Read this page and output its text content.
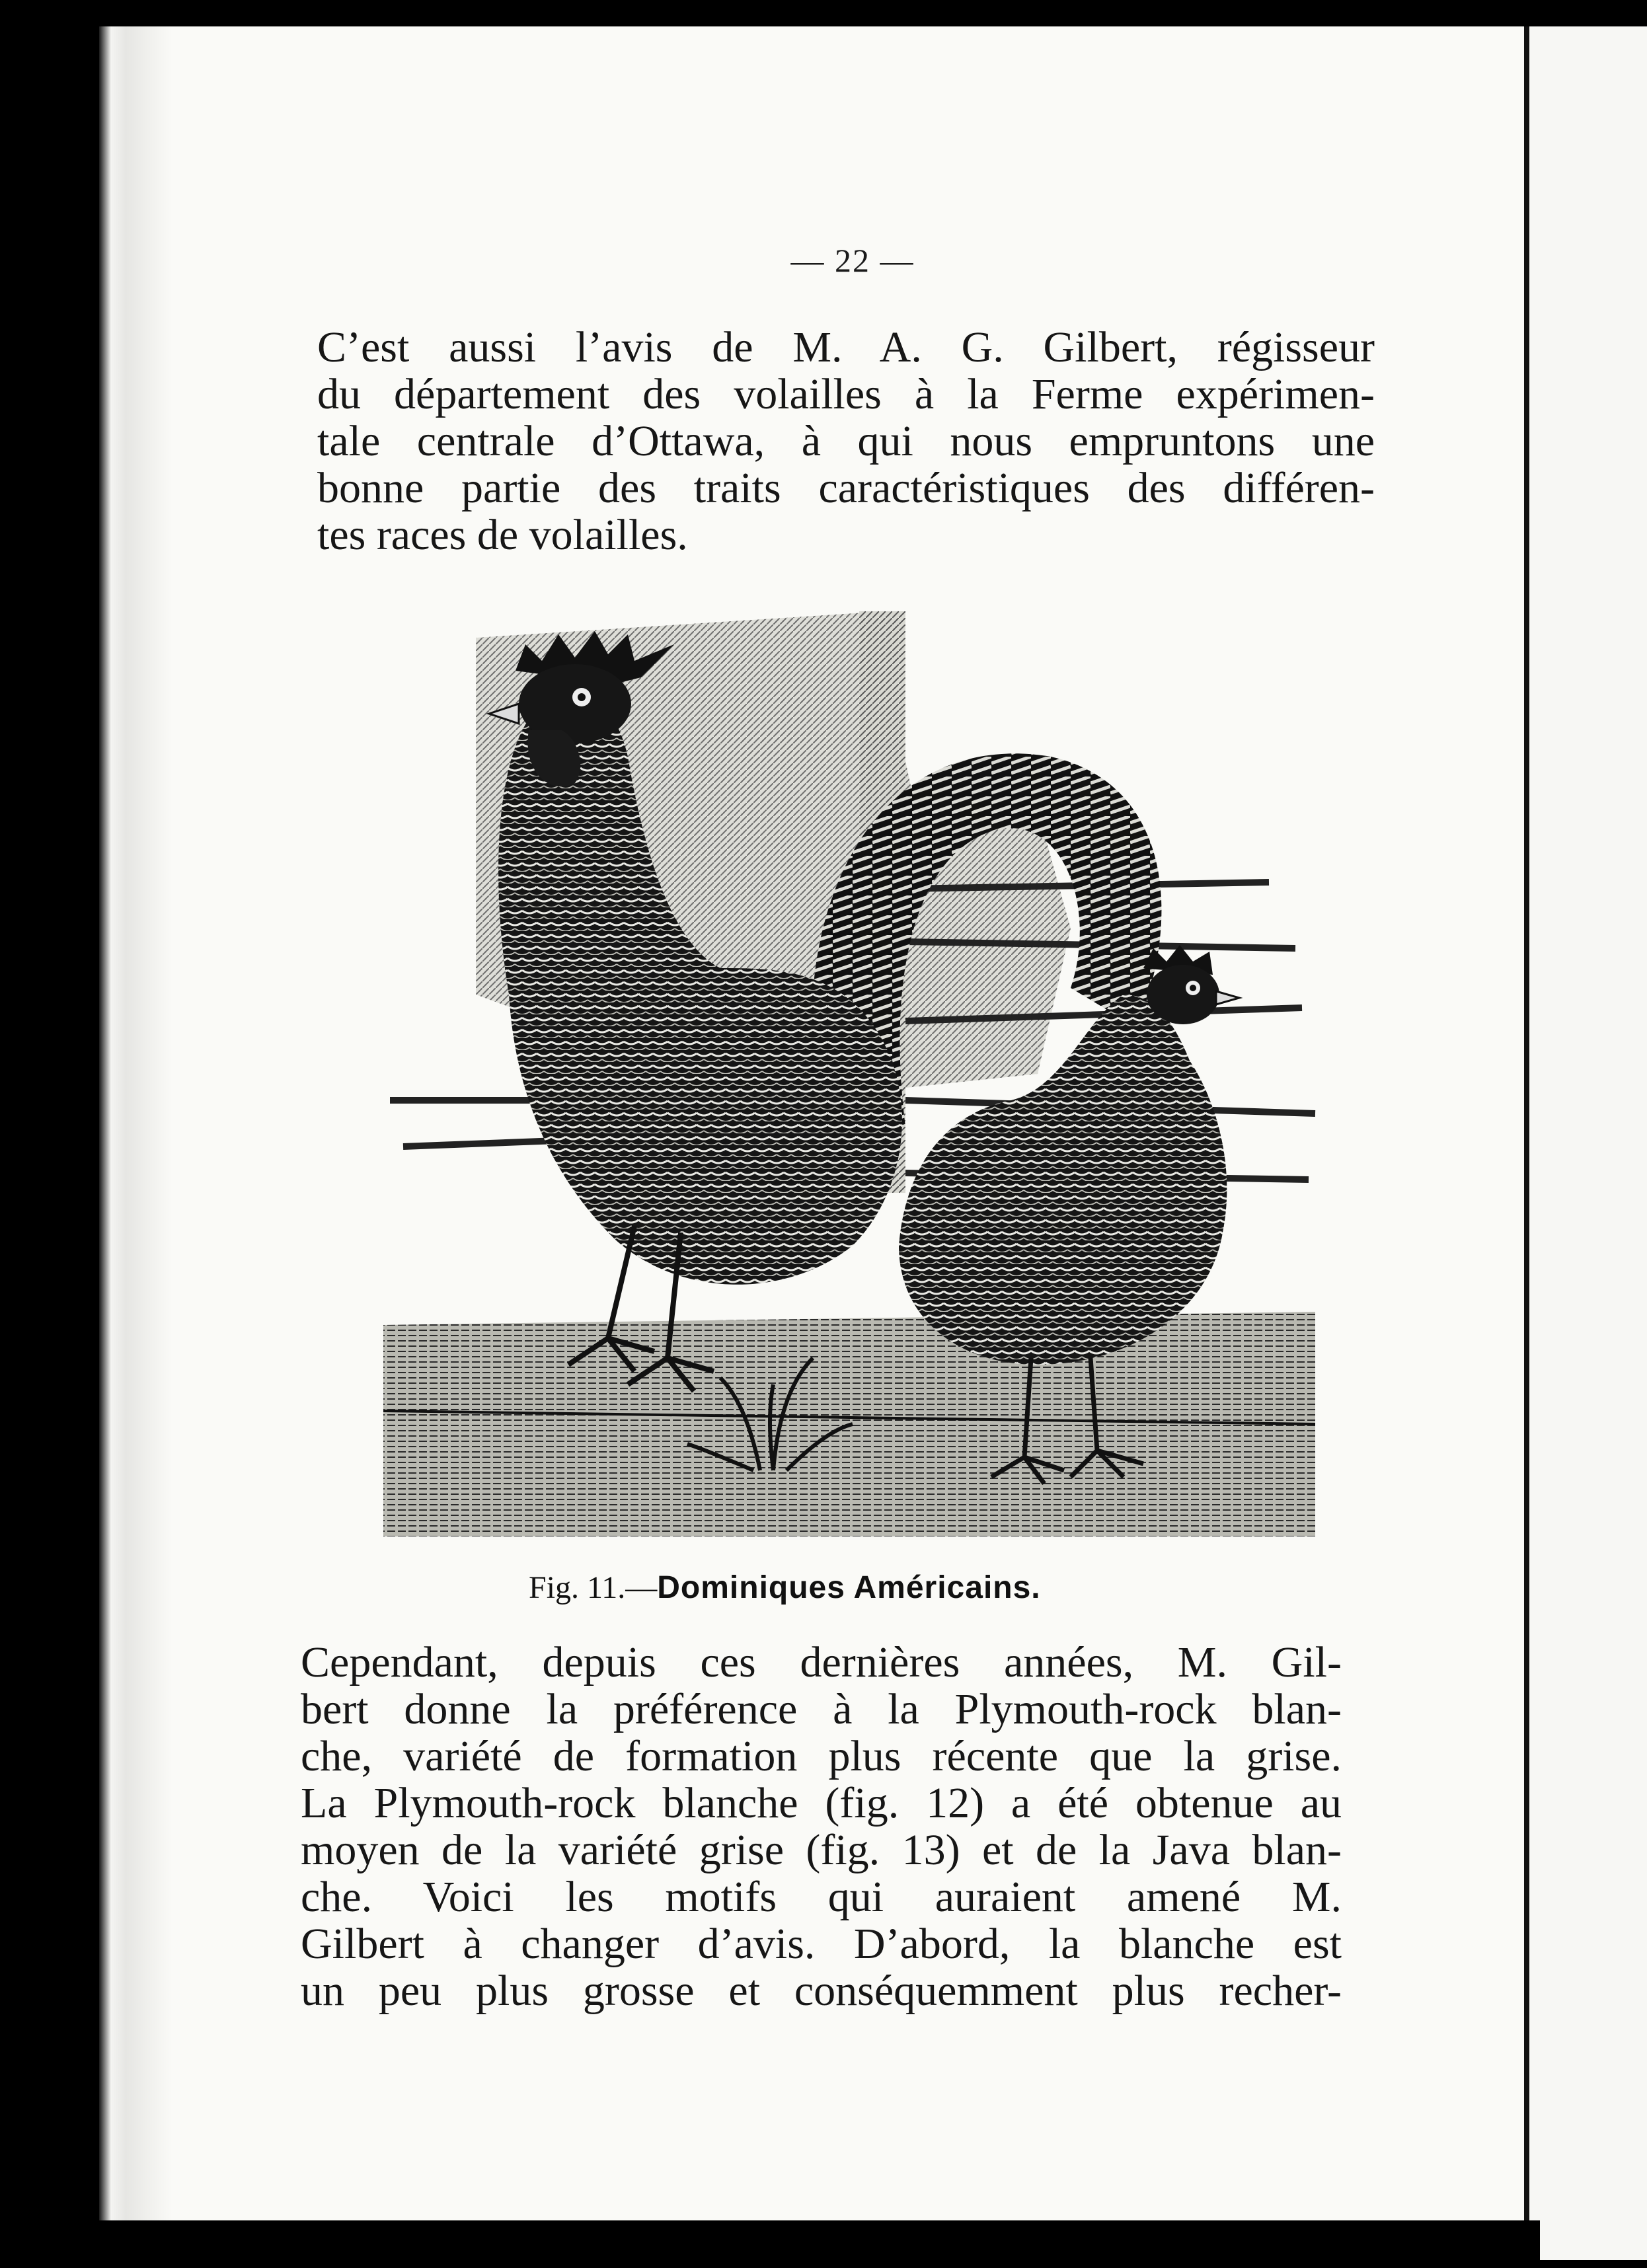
— 22 —

C’est aussi l’avis de M. A. G. Gilbert, régisseur
du département des volailles à la Ferme expérimen-
tale centrale d’Ottawa, à qui nous empruntons une
bonne partie des traits caractéristiques des différen-
tes races de volailles.

Fig. 11.—Dominiques Américains.

Cependant, depuis ces dernières années, M. Gil-
bert donne la préférence à la Plymouth-rock blan-
che, variété de formation plus récente que la grise.
La Plymouth-rock blanche (fig. 12) a été obtenue au
moyen de la variété grise (fig. 13) et de la Java blan-
che. Voici les motifs qui auraient amené M.
Gilbert à changer d’avis. D’abord, la blanche est
un peu plus grosse et conséquemment plus recher-
